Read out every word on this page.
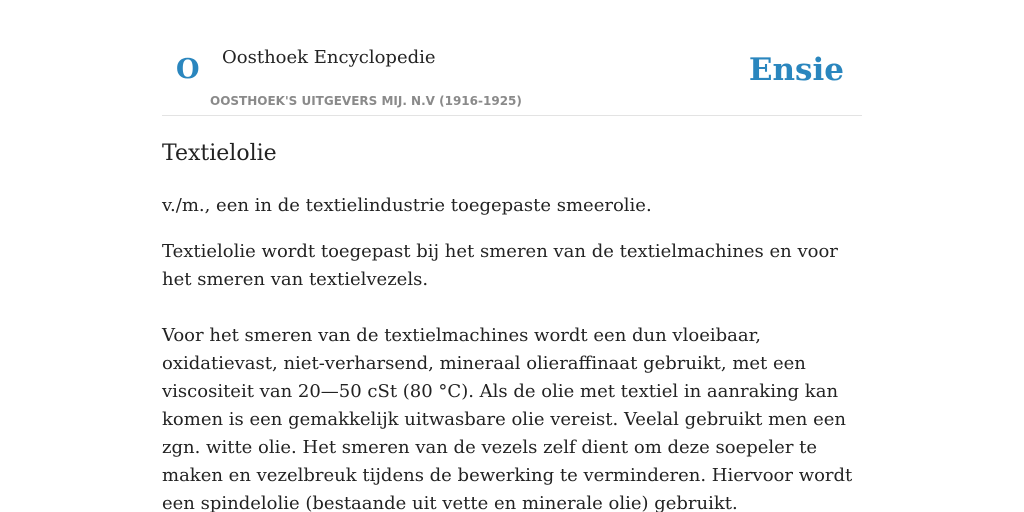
O Oosthoek Encyclopedie
OOSTHOEK'S UITGEVERS MIJ. N.V (1916-1925)
Ensie
Textielolie

v./m., een in de textielindustrie toegepaste smeerolie.

Textielolie wordt toegepast bij het smeren van de textielmachines en voor het smeren van textielvezels.

Voor het smeren van de textielmachines wordt een dun vloeibaar, oxidatievast, niet-verharsend, mineraal olieraffinaat gebruikt, met een viscositeit van 20—50 cSt (80 °C). Als de olie met textiel in aanraking kan komen is een gemakkelijk uitwasbare olie vereist. Veelal gebruikt men een zgn. witte olie. Het smeren van de vezels zelf dient om deze soepeler te maken en vezelbreuk tijdens de bewerking te verminderen. Hiervoor wordt een spindelolie (bestaande uit vette en minerale olie) gebruikt.
